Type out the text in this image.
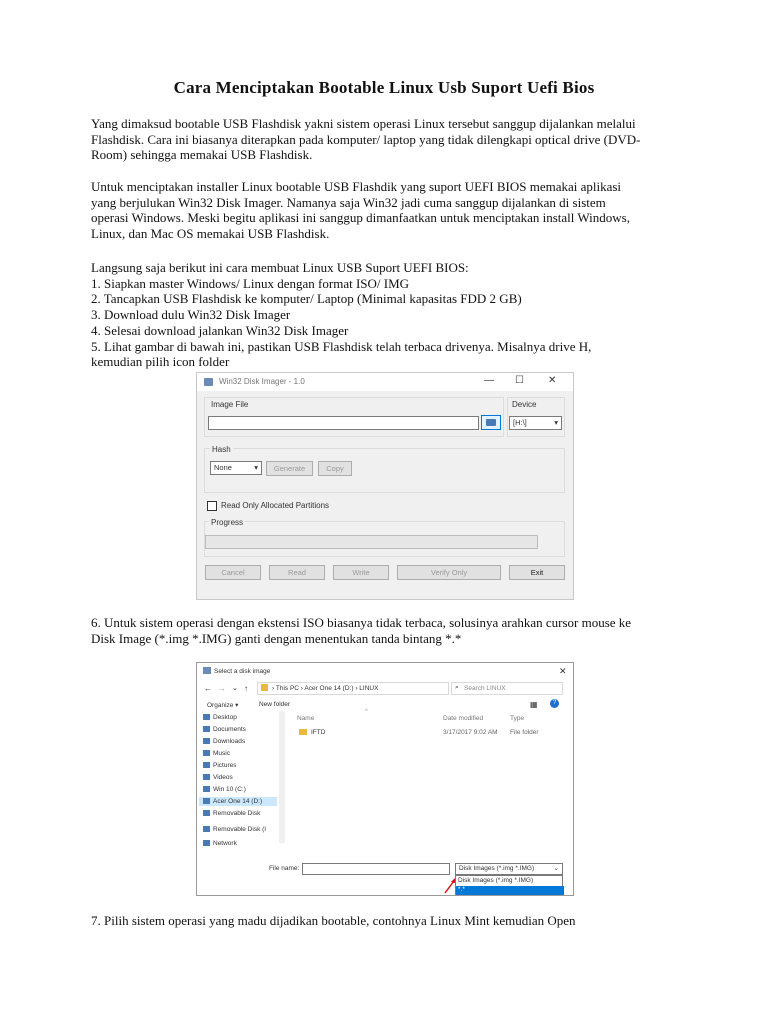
Cara Menciptakan Bootable Linux Usb Suport Uefi Bios
Yang dimaksud bootable USB Flashdisk yakni sistem operasi Linux tersebut sanggup dijalankan melalui
Flashdisk. Cara ini biasanya diterapkan pada komputer/ laptop yang tidak dilengkapi optical drive (DVD-
Room) sehingga memakai USB Flashdisk.
Untuk menciptakan installer Linux bootable USB Flashdik yang suport UEFI BIOS memakai aplikasi
yang berjulukan Win32 Disk Imager. Namanya saja Win32 jadi cuma sanggup dijalankan di sistem
operasi Windows. Meski begitu aplikasi ini sanggup dimanfaatkan untuk menciptakan install Windows,
Linux, dan Mac OS memakai USB Flashdisk.
Langsung saja berikut ini cara membuat Linux USB Suport UEFI BIOS:
1. Siapkan master Windows/ Linux dengan format ISO/ IMG
2. Tancapkan USB Flashdisk ke komputer/ Laptop (Minimal kapasitas FDD 2 GB)
3. Download dulu Win32 Disk Imager
4. Selesai download jalankan Win32 Disk Imager
5. Lihat gambar di bawah ini, pastikan USB Flashdisk telah terbaca drivenya. Misalnya drive H,
kemudian pilih icon folder
Win32 Disk Imager - 1.0	— ☐ ✕
Image File	Device
[H:\]	▾
Hash
None	▾	Generate	Copy
Read Only Allocated Partitions
Progress
Cancel	Read	Write	Verify Only	Exit
6. Untuk sistem operasi dengan ekstensi ISO biasanya tidak terbaca, solusinya arahkan cursor mouse ke
Disk Image (*.img *.IMG) ganti dengan menentukan tanda bintang *.*
Select a disk image	✕
← → ⌄ ↑	› This PC › Acer One 14 (D:) › LINUX	⌕ Search LINUX
Organize ▾	New folder	▦	?
Desktop
Documents
Downloads
Music
Pictures
Videos
Win 10 (C:)
Acer One 14 (D:)
Removable Disk
Removable Disk (I
Network
Name
^
Date modified	Type
IFTD	3/17/2017 9:02 AM File folder
File name:	Disk Images (*.img *.IMG)	⌄
Disk Images (*.img *.IMG)
*.*
7. Pilih sistem operasi yang madu dijadikan bootable, contohnya Linux Mint kemudian Open
